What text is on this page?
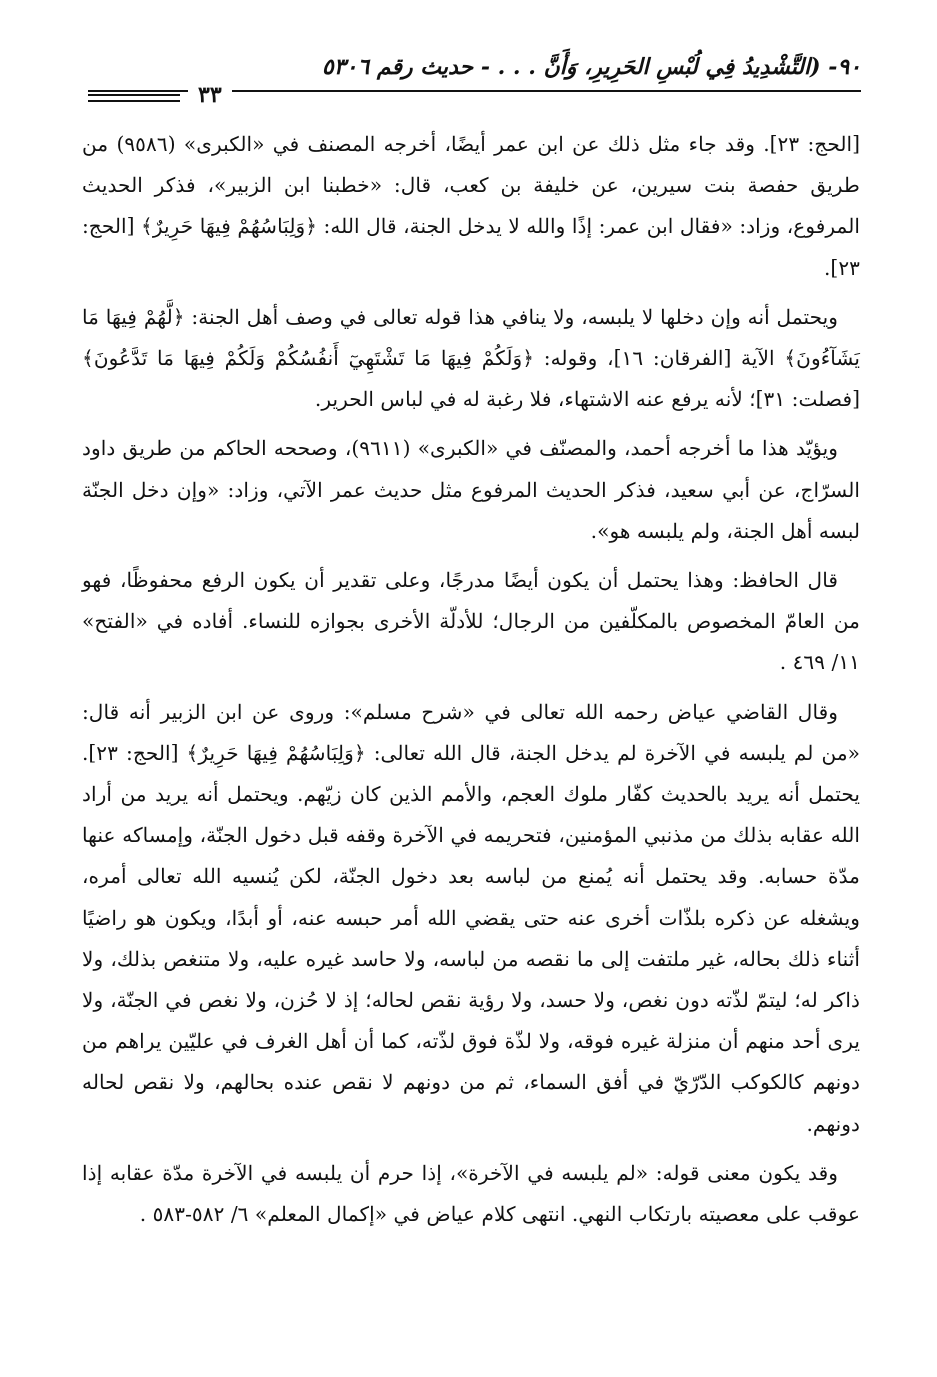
٩٠- (التَّشْدِيدُ فِي لُبْسِ الحَرِيرِ، وَأَنَّ . . . - حديث رقم ٥٣٠٦
٣٣

[الحج: ٢٣]. وقد جاء مثل ذلك عن ابن عمر أيضًا، أخرجه المصنف في «الكبرى» (٩٥٨٦) من طريق حفصة بنت سيرين، عن خليفة بن كعب، قال: «خطبنا ابن الزبير»، فذكر الحديث المرفوع، وزاد: «فقال ابن عمر: إذًا والله لا يدخل الجنة، قال الله: ﴿وَلِبَاسُهُمْ فِيهَا حَرِيرٌ﴾ [الحج: ٢٣].

ويحتمل أنه وإن دخلها لا يلبسه، ولا ينافي هذا قوله تعالى في وصف أهل الجنة: ﴿لَّهُمْ فِيهَا مَا يَشَآءُونَ﴾ الآية [الفرقان: ١٦]، وقوله: ﴿وَلَكُمْ فِيهَا مَا تَشْتَهِيٓ أَنفُسُكُمْ وَلَكُمْ فِيهَا مَا تَدَّعُونَ﴾ [فصلت: ٣١]؛ لأنه يرفع عنه الاشتهاء، فلا رغبة له في لباس الحرير.

ويؤيّد هذا ما أخرجه أحمد، والمصنّف في «الكبرى» (٩٦١١)، وصححه الحاكم من طريق داود السرّاج، عن أبي سعيد، فذكر الحديث المرفوع مثل حديث عمر الآتي، وزاد: «وإن دخل الجنّة لبسه أهل الجنة، ولم يلبسه هو».

قال الحافظ: وهذا يحتمل أن يكون أيضًا مدرجًا، وعلى تقدير أن يكون الرفع محفوظًا، فهو من العامّ المخصوص بالمكلّفين من الرجال؛ للأدلّة الأخرى بجوازه للنساء. أفاده في «الفتح» ١١/ ٤٦٩ .

وقال القاضي عياض رحمه الله تعالى في «شرح مسلم»: وروى عن ابن الزبير أنه قال: «من لم يلبسه في الآخرة لم يدخل الجنة، قال الله تعالى: ﴿وَلِبَاسُهُمْ فِيهَا حَرِيرٌ﴾ [الحج: ٢٣]. يحتمل أنه يريد بالحديث كفّار ملوك العجم، والأمم الذين كان زيّهم. ويحتمل أنه يريد من أراد الله عقابه بذلك من مذنبي المؤمنين، فتحريمه في الآخرة وقفه قبل دخول الجنّة، وإمساكه عنها مدّة حسابه. وقد يحتمل أنه يُمنع من لباسه بعد دخول الجنّة، لكن يُنسيه الله تعالى أمره، ويشغله عن ذكره بلذّات أخرى عنه حتى يقضي الله أمر حبسه عنه، أو أبدًا، ويكون هو راضيًا أثناء ذلك بحاله، غير ملتفت إلى ما نقصه من لباسه، ولا حاسد غيره عليه، ولا متنغص بذلك، ولا ذاكر له؛ ليتمّ لذّته دون نغص، ولا حسد، ولا رؤية نقص لحاله؛ إذ لا حُزن، ولا نغص في الجنّة، ولا يرى أحد منهم أن منزلة غيره فوقه، ولا لذّة فوق لذّته، كما أن أهل الغرف في عليّين يراهم من دونهم كالكوكب الدّرّيّ في أفق السماء، ثم من دونهم لا نقص عنده بحالهم، ولا نقص لحاله دونهم.

وقد يكون معنى قوله: «لم يلبسه في الآخرة»، إذا حرم أن يلبسه في الآخرة مدّة عقابه إذا عوقب على معصيته بارتكاب النهي. انتهى كلام عياض في «إكمال المعلم» ٦/ ٥٨٢-٥٨٣ .
